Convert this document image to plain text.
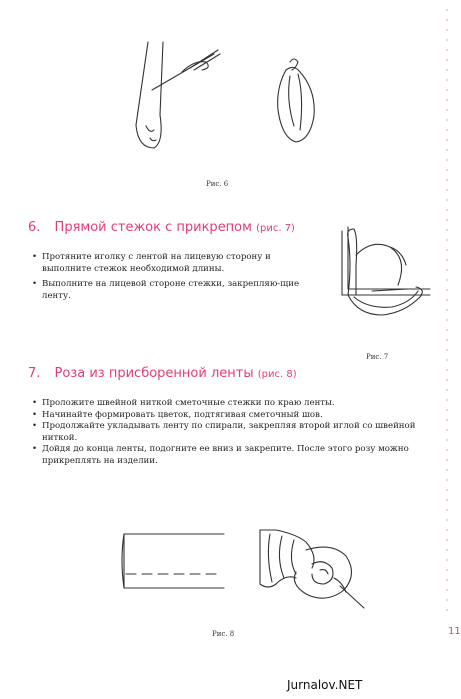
Рис. 6
6. Прямой стежок с прикрепом (рис. 7)
• Протяните иголку с лентой на лицевую сторону и выполните стежок необходимой длины.
• Выполните на лицевой стороне стежки, закрепляю-щие ленту.
Рис. 7
7. Роза из присборенной ленты (рис. 8)
• Проложите швейной ниткой сметочные стежки по краю ленты.
• Начинайте формировать цветок, подтягивая сметочный шов.
• Продолжайте укладывать ленту по спирали, закрепляя второй иглой со швейной ниткой.
• Дойдя до конца ленты, подогните ее вниз и закрепите. После этого розу можно прикреплять на изделии.
Рис. 8	11
Jurnalov.NET
